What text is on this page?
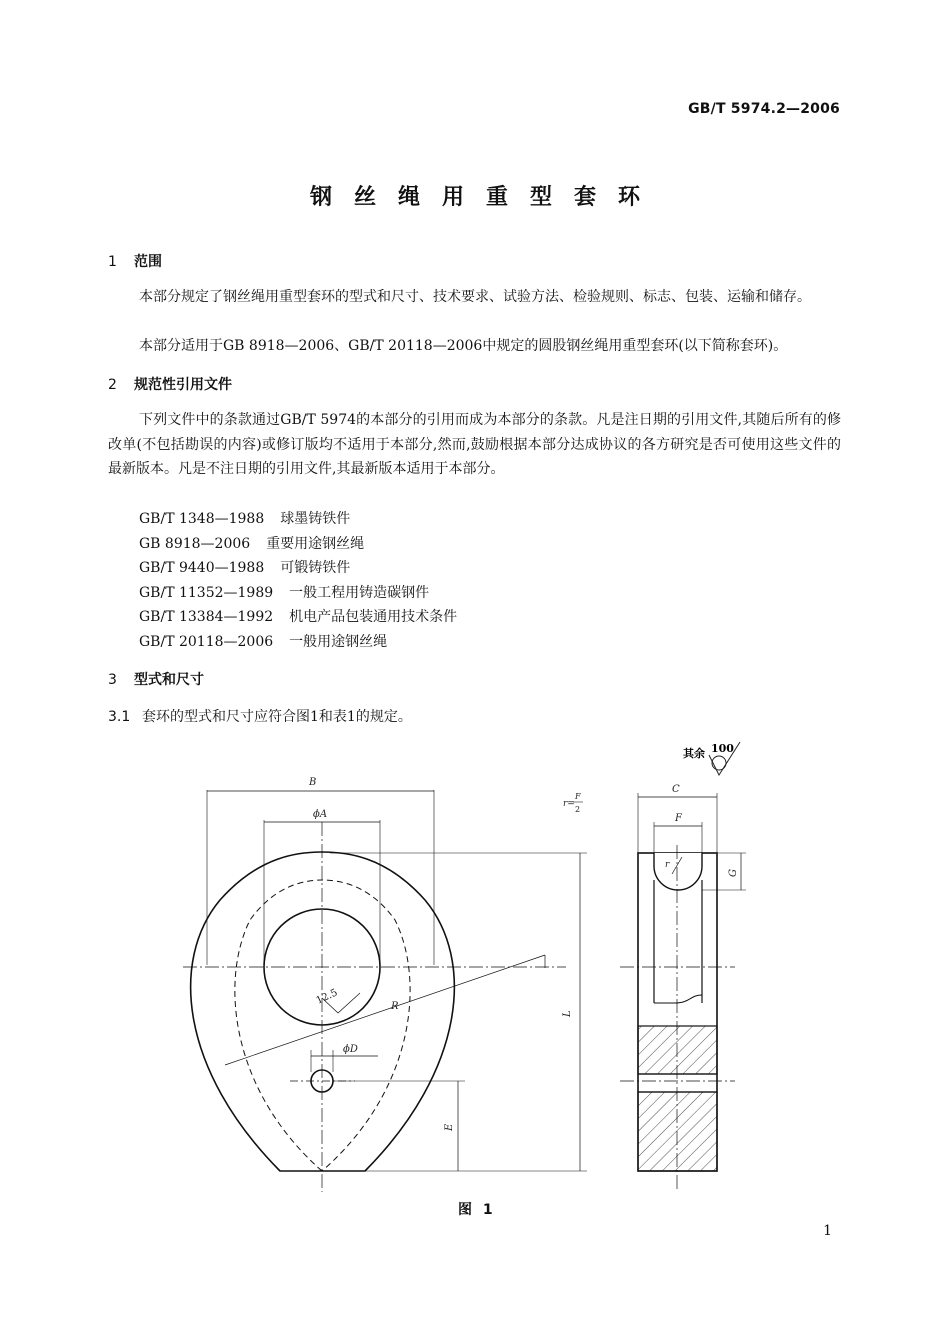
GB/T 5974.2—2006
钢丝绳用重型套环
1 范围
本部分规定了钢丝绳用重型套环的型式和尺寸、技术要求、试验方法、检验规则、标志、包装、运输和储存。
本部分适用于GB 8918—2006、GB/T 20118—2006中规定的圆股钢丝绳用重型套环(以下简称套环)。
2 规范性引用文件
下列文件中的条款通过GB/T 5974的本部分的引用而成为本部分的条款。凡是注日期的引用文件,其随后所有的修改单(不包括勘误的内容)或修订版均不适用于本部分,然而,鼓励根据本部分达成协议的各方研究是否可使用这些文件的最新版本。凡是不注日期的引用文件,其最新版本适用于本部分。
GB/T 1348—1988 球墨铸铁件
GB 8918—2006 重要用途钢丝绳
GB/T 9440—1988 可锻铸铁件
GB/T 11352—1989 一般工程用铸造碳钢件
GB/T 13384—1992 机电产品包装通用技术条件
GB/T 20118—2006 一般用途钢丝绳
3 型式和尺寸
3.1 套环的型式和尺寸应符合图1和表1的规定。
其余 100
B
ϕA
R
12.5
ϕD
L
E
C
F
G
r
r=
F
2
图 1
1
